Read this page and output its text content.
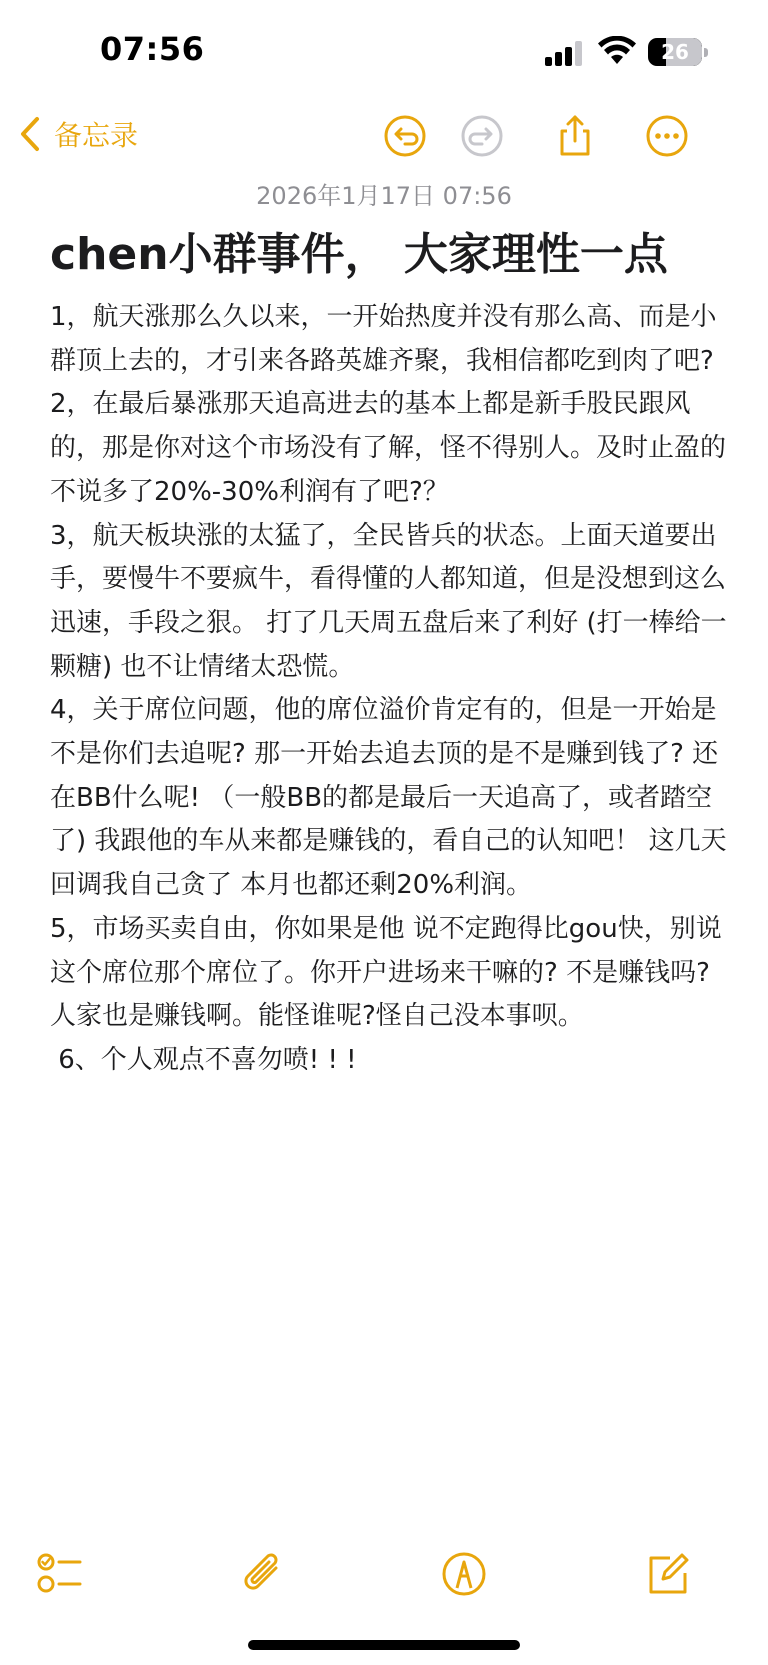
07:56	26
备忘录
2026年1月17日 07:56
chen小群事件， 大家理性一点

1，航天涨那么久以来，一开始热度并没有那么高、而是小群顶上去的，才引来各路英雄齐聚，我相信都吃到肉了吧?

2，在最后暴涨那天追高进去的基本上都是新手股民跟风的，那是你对这个市场没有了解，怪不得别人。及时止盈的不说多了20%-30%利润有了吧?？

3，航天板块涨的太猛了，全民皆兵的状态。上面天道要出手，要慢牛不要疯牛，看得懂的人都知道，但是没想到这么迅速，手段之狠。 打了几天周五盘后来了利好 (打一棒给一颗糖) 也不让情绪太恐慌。

4，关于席位问题，他的席位溢价肯定有的，但是一开始是不是你们去追呢? 那一开始去追去顶的是不是赚到钱了? 还在BB什么呢! （一般BB的都是最后一天追高了，或者踏空了) 我跟他的车从来都是赚钱的，看自己的认知吧！ 这几天回调我自己贪了 本月也都还剩20%利润。

5，市场买卖自由，你如果是他 说不定跑得比gou快，别说这个席位那个席位了。你开户进场来干嘛的? 不是赚钱吗? 人家也是赚钱啊。能怪谁呢?怪自己没本事呗。

6、个人观点不喜勿喷! ! !
